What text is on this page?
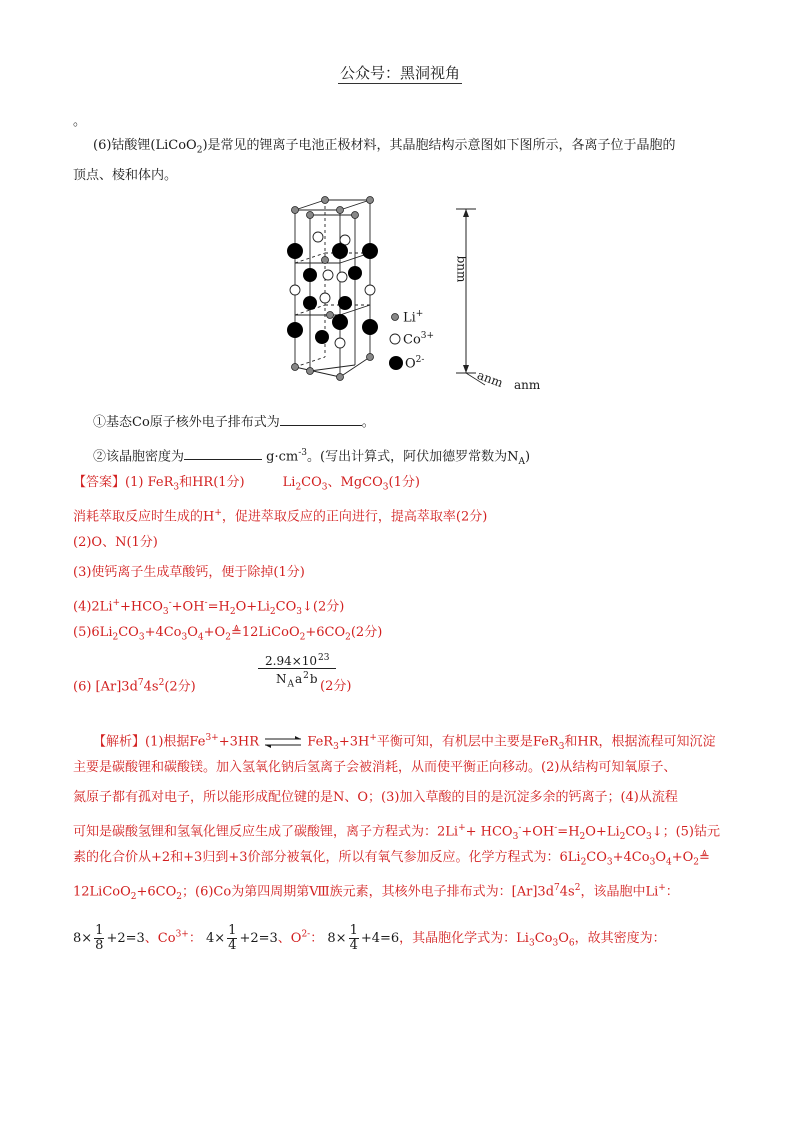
公众号：黑洞视角
。
(6)钴酸锂(LiCoO$_2$)是常见的锂离子电池正极材料，其晶胞结构示意图如下图所示，各离子位于晶胞的
顶点、棱和体内。
Li+
$Co^{3+}$
$O^{2-}$
bnm
anm anm
①基态Co原子核外电子排布式为	。
②该晶胞密度为	$g\cdot cm^{-3}$。(写出计算式，阿伏加德罗常数为$N_A$)
【答案】(1) FeR$_3$和HR(1分)	$Li_2CO_3$、MgCO$_3$(1分)
消耗萃取反应时生成的H+，促进萃取反应的正向进行，提高萃取率(2分)
(2)O、N(1分)
(3)使钙离子生成草酸钙，便于除掉(1分)
$(4)2Li^++HCO_3^-+OH^-=H_2O+Li_2CO_3↓(2$分)
$(5)6Li_2CO_3+4Co_3O_4+O_2≜12LiCoO_2+6CO_2(2$分)
(6) $[Ar]3d^74s^2(2$分)	$\frac{2.94\times 10^{23}}{N_Aa^2b}$
(2分)
【解析】(1)根据$Fe^{3+}+3HR$ ⇌ FeR$_3$+3H+平衡可知，有机层中主要是FeR$_3$和HR，根据流程可知沉淀
主要是碳酸锂和碳酸镁。加入氢氧化钠后氢离子会被消耗，从而使平衡正向移动。(2)从结构可知氧原子、
氮原子都有孤对电子，所以能形成配位键的是N、O；(3)加入草酸的目的是沉淀多余的钙离子；(4)从流程
可知是碳酸氢锂和氢氧化锂反应生成了碳酸锂，离子方程式为：$2Li^++ HCO_3^-+OH^-=H_2O+Li_2CO_3↓$；(5)钴元
素的化合价从+2和+3归到+3价部分被氧化，所以有氧气参加反应。化学方程式为：$6Li_2CO_3+4Co_3O_4+O_2≜$
$12LiCoO_2+6CO_2$；(6)Co为第四周期第Ⅷ族元素，其核外电子排布式为：$[Ar]3d^74s^2$，该晶胞中Li+：
$8\times \frac{1}{8} +2=3$、$Co^{3+}$： $4\times \frac{1}{4} +2=3$、$O^{2-}$： $8\times \frac{1}{4} +4=6$，其晶胞化学式为：$Li_3Co_3O_6$，故其密度为：
